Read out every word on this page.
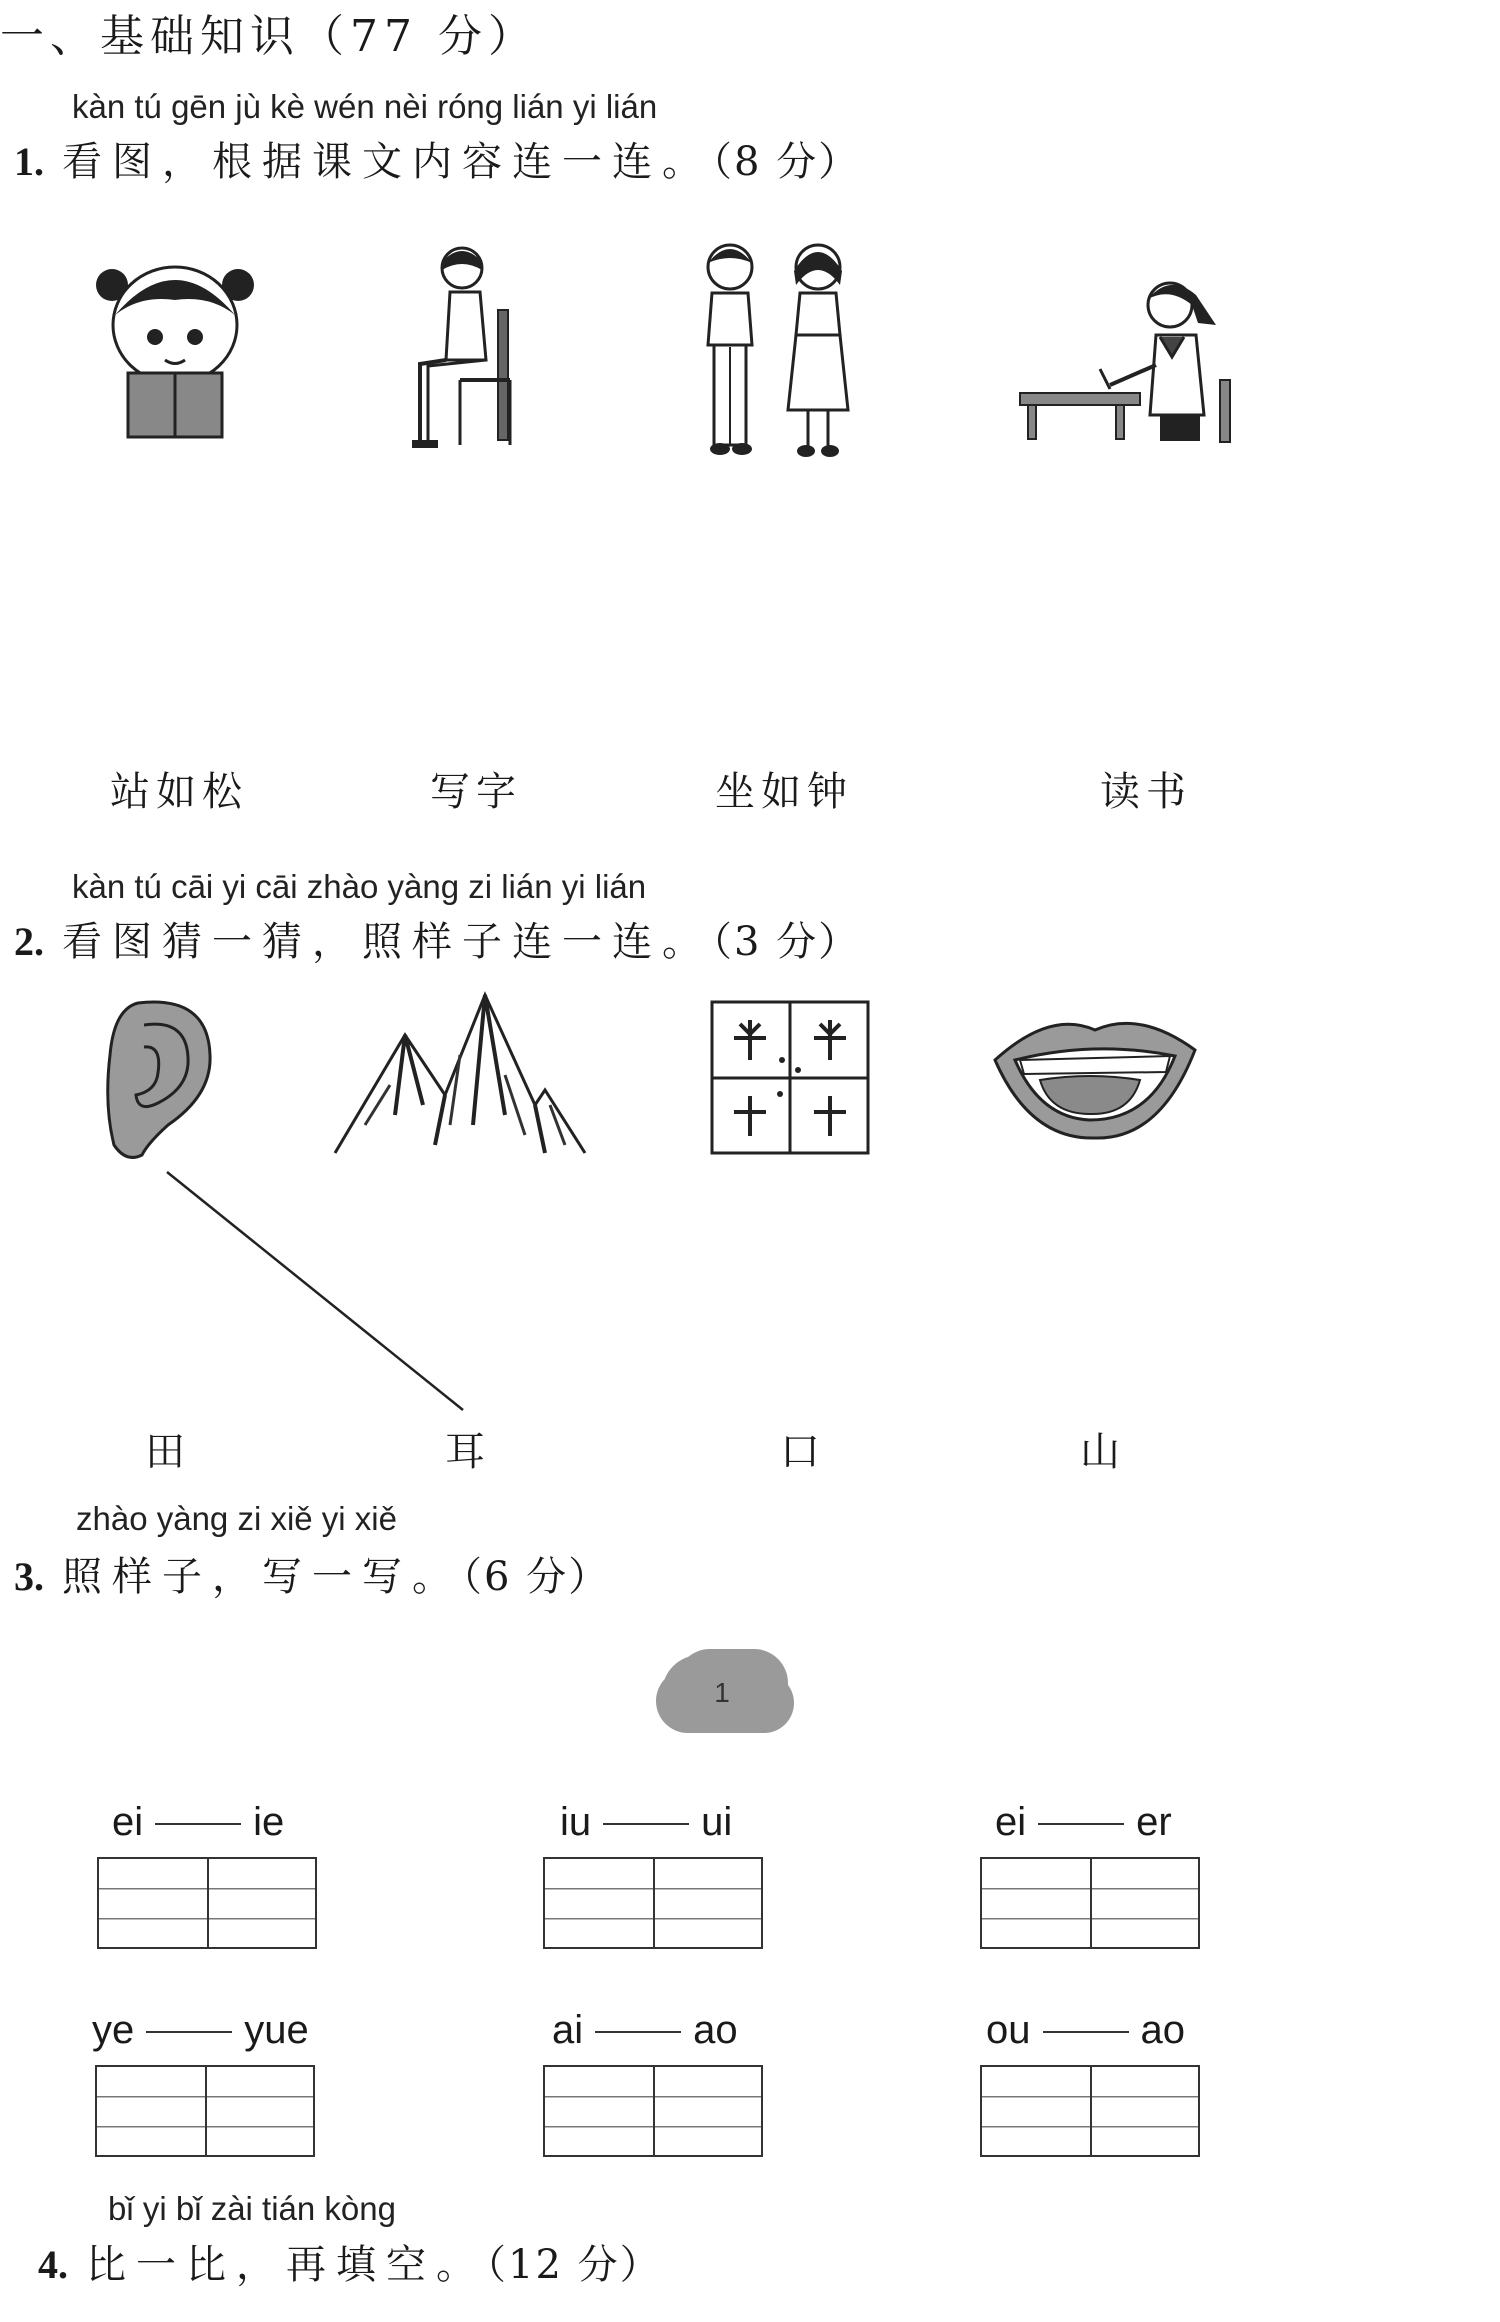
一、基础知识（77 分）
kàn tú gēn jù kè wén nèi róng lián yi lián
1. 看图，根据课文内容连一连。（8 分）
站如松	写字	坐如钟	读书
kàn tú cāi yi cāi zhào yàng zi lián yi lián
2. 看图猜一猜，照样子连一连。（3 分）
田	耳	口	山
zhào yàng zi xiě yi xiě
3. 照样子，写一写。（6 分）
1
ei	ie	iu	ui	ei	er
ye	yue	ai	ao	ou	ao
bǐ yi bǐ zài tián kòng
4. 比一比，再填空。（12 分）
